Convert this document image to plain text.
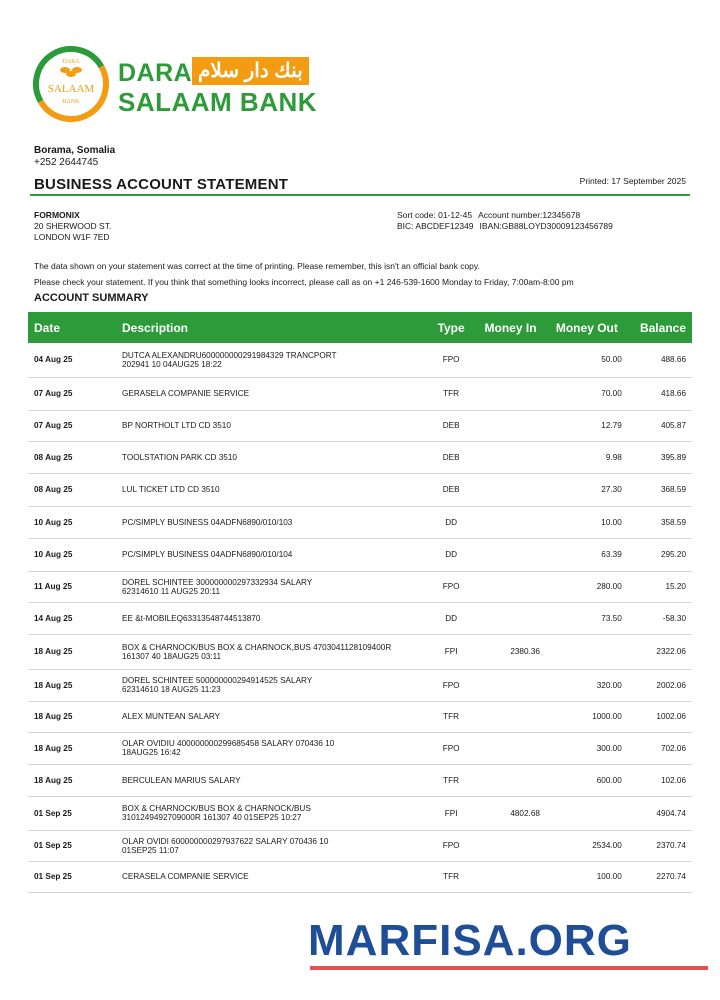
DARA
SALAAM
BANK
DARA بنك دار سلام
SALAAM BANK
Borama, Somalia
+252 2644745
BUSINESS ACCOUNT STATEMENT	Printed: 17 September 2025
FORMONIX
20 SHERWOOD ST.
LONDON W1F 7ED
Sort code: 01-12-45 Account number:12345678
BIC: ABCDEF12349 IBAN:GB88LOYD30009123456789
The data shown on your statement was correct at the time of printing. Please remember, this isn't an official bank copy.
Please check your statement. If you think that something looks incorrect, please call as on +1 246-539-1600 Monday to Friday, 7:00am-8:00 pm
ACCOUNT SUMMARY
Date	Description	Type	Money In	Money Out	Balance
04 Aug 25	DUTCA ALEXANDRU600000000291984329 TRANCPORT
202941 10 04AUG25 18:22	FPO		50.00	488.66
07 Aug 25	GERASELA COMPANIE SERVICE	TFR		70.00	418.66
07 Aug 25	BP NORTHOLT LTD CD 3510	DEB		12.79	405.87
08 Aug 25	TOOLSTATION PARK CD 3510	DEB		9.98	395.89
08 Aug 25	LUL TICKET LTD CD 3510	DEB		27.30	368.59
10 Aug 25	PC/SIMPLY BUSINESS 04ADFN6890/010/103	DD		10.00	358.59
10 Aug 25	PC/SIMPLY BUSINESS 04ADFN6890/010/104	DD		63.39	295.20
11 Aug 25	DOREL SCHINTEE 300000000297332934 SALARY
62314610 11 AUG25 20:11	FPO		280.00	15.20
14 Aug 25	EE &t-MOBILEQ63313548744513870	DD		73.50	-58.30
18 Aug 25	BOX & CHARNOCK/BUS BOX & CHARNOCK,BUS 4703041128109400R
161307 40 18AUG25 03:11	FPI	2380.36		2322.06
18 Aug 25	DOREL SCHINTEE 500000000294914525 SALARY
62314610 18 AUG25 11:23	FPO		320.00	2002.06
18 Aug 25	ALEX MUNTEAN SALARY	TFR		1000.00	1002.06
18 Aug 25	OLAR OVIDIU 400000000299685458 SALARY 070436 10
18AUG25 16:42	FPO		300.00	702.06
18 Aug 25	BERCULEAN MARIUS SALARY	TFR		600.00	102.06
01 Sep 25	BOX & CHARNOCK/BUS BOX & CHARNOCK/BUS
3101249492709000R 161307 40 01SEP25 10:27	FPI	4802.68		4904.74
01 Sep 25	OLAR OVIDI 600000000297937622 SALARY 070436 10
01SEP25 11:07	FPO		2534.00	2370.74
01 Sep 25	CERASELA COMPANIE SERVICE	TFR		100.00	2270.74
MARFISA.ORG
